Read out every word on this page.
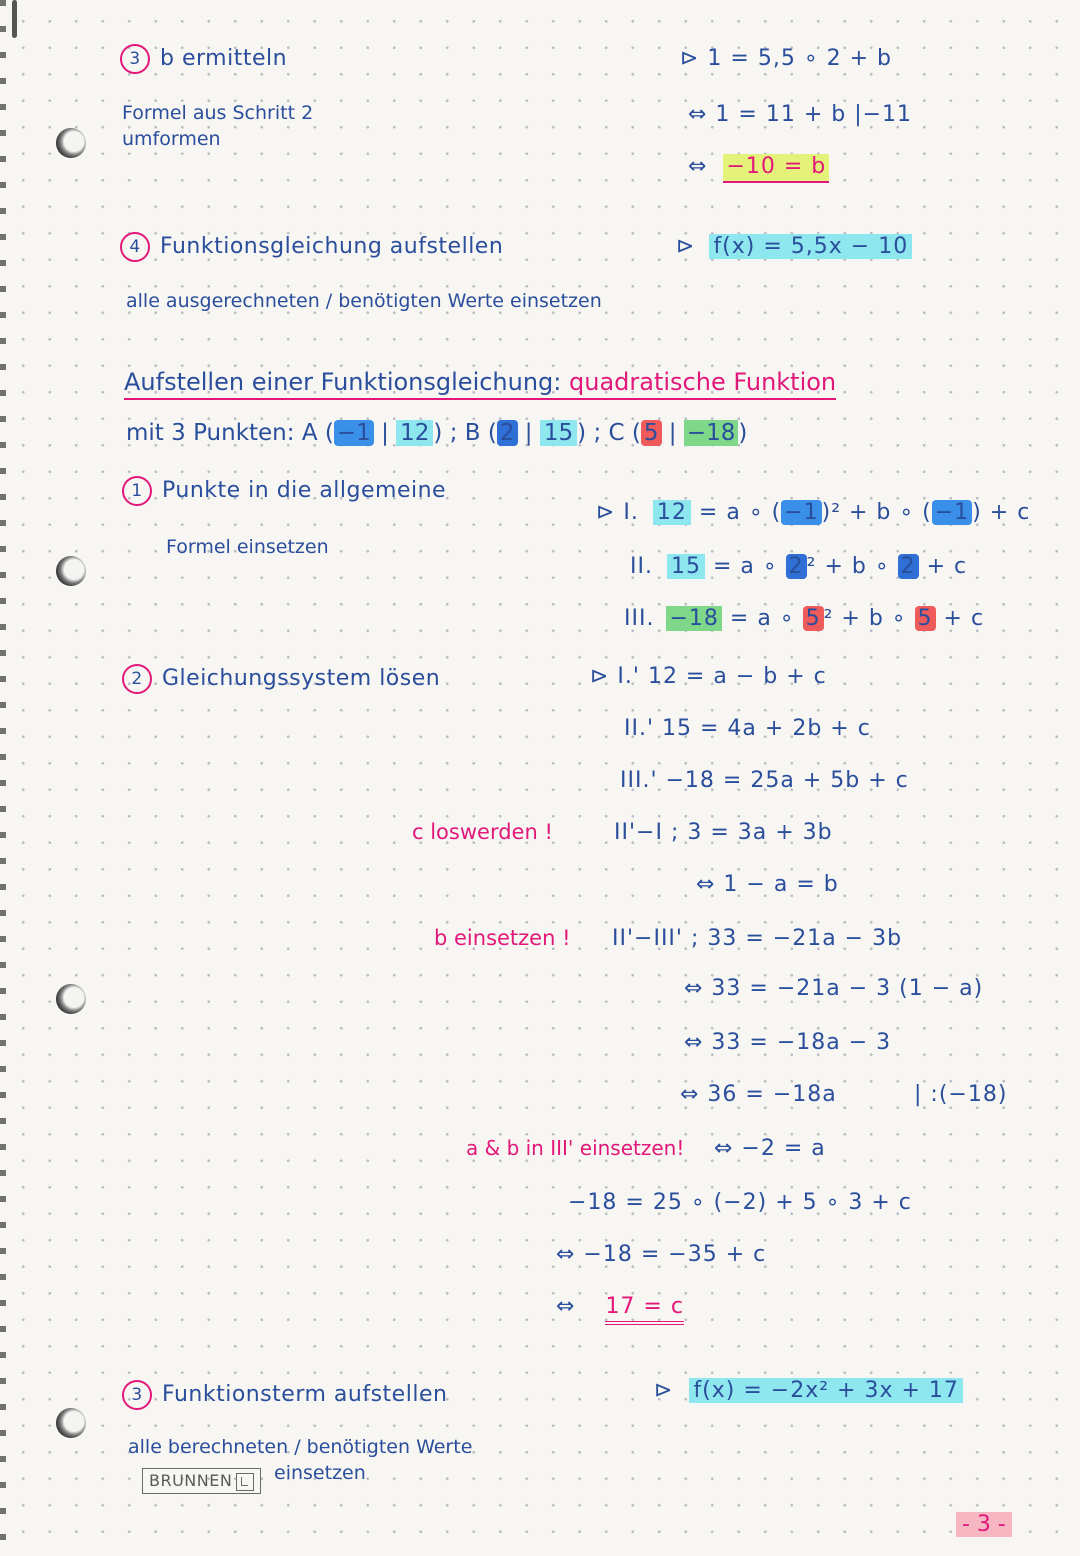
3 b ermitteln
Formel aus Schritt 2
umformen
⊳ 1 = 5,5 ∘ 2 + b
⇔ 1 = 11 + b |−11
⇔ −10 = b
4 Funktionsgleichung aufstellen
alle ausgerechneten / benötigten Werte einsetzen
⊳ f(x) = 5,5x − 10
Aufstellen einer Funktionsgleichung: quadratische Funktion
mit 3 Punkten: A ( −1 | 12 ) ; B ( 2 | 15 ) ; C ( 5 | −18 )
1 Punkte in die allgemeine
Formel einsetzen
⊳ I. 12 = a ∘ ( −1 )² + b ∘ ( −1 ) + c
II. 15 = a ∘ 2 ² + b ∘ 2 + c
III. −18 = a ∘ 5 ² + b ∘ 5 + c
2 Gleichungssystem lösen	⊳ I.' 12 = a − b + c
II.' 15 = 4a + 2b + c
III.' −18 = 25a + 5b + c
c loswerden !	II'−I ; 3 = 3a + 3b
⇔ 1 − a = b
b einsetzen ! II'−III' ; 33 = −21a − 3b
⇔ 33 = −21a − 3 (1 − a)
⇔ 33 = −18a − 3
⇔ 36 = −18a	| :(−18)
a & b in III' einsetzen! ⇔ −2 = a
−18 = 25 ∘ (−2) + 5 ∘ 3 + c
⇔ −18 = −35 + c
⇔ 17 = c
3 Funktionsterm aufstellen
alle berechneten / benötigten Werte
einsetzen
⊳ f(x) = −2x² + 3x + 17
BRUNNEN
- 3 -
